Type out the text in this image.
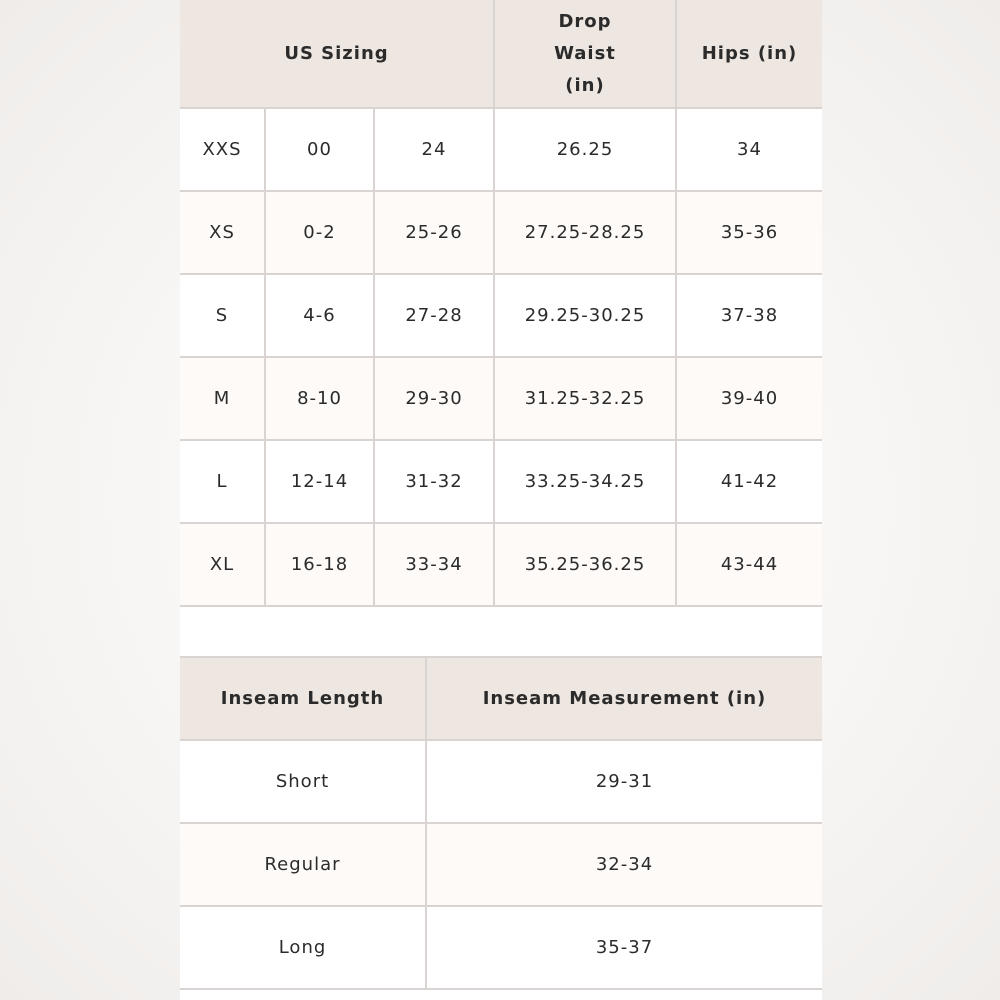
US Sizing			Drop Waist (in)	Hips (in)
XXS	00	24	26.25	34
XS	0-2	25-26	27.25-28.25	35-36
S	4-6	27-28	29.25-30.25	37-38
M	8-10	29-30	31.25-32.25	39-40
L	12-14	31-32	33.25-34.25	41-42
XL	16-18	33-34	35.25-36.25	43-44
Inseam Length	Inseam Measurement (in)
Short	29-31
Regular	32-34
Long	35-37
